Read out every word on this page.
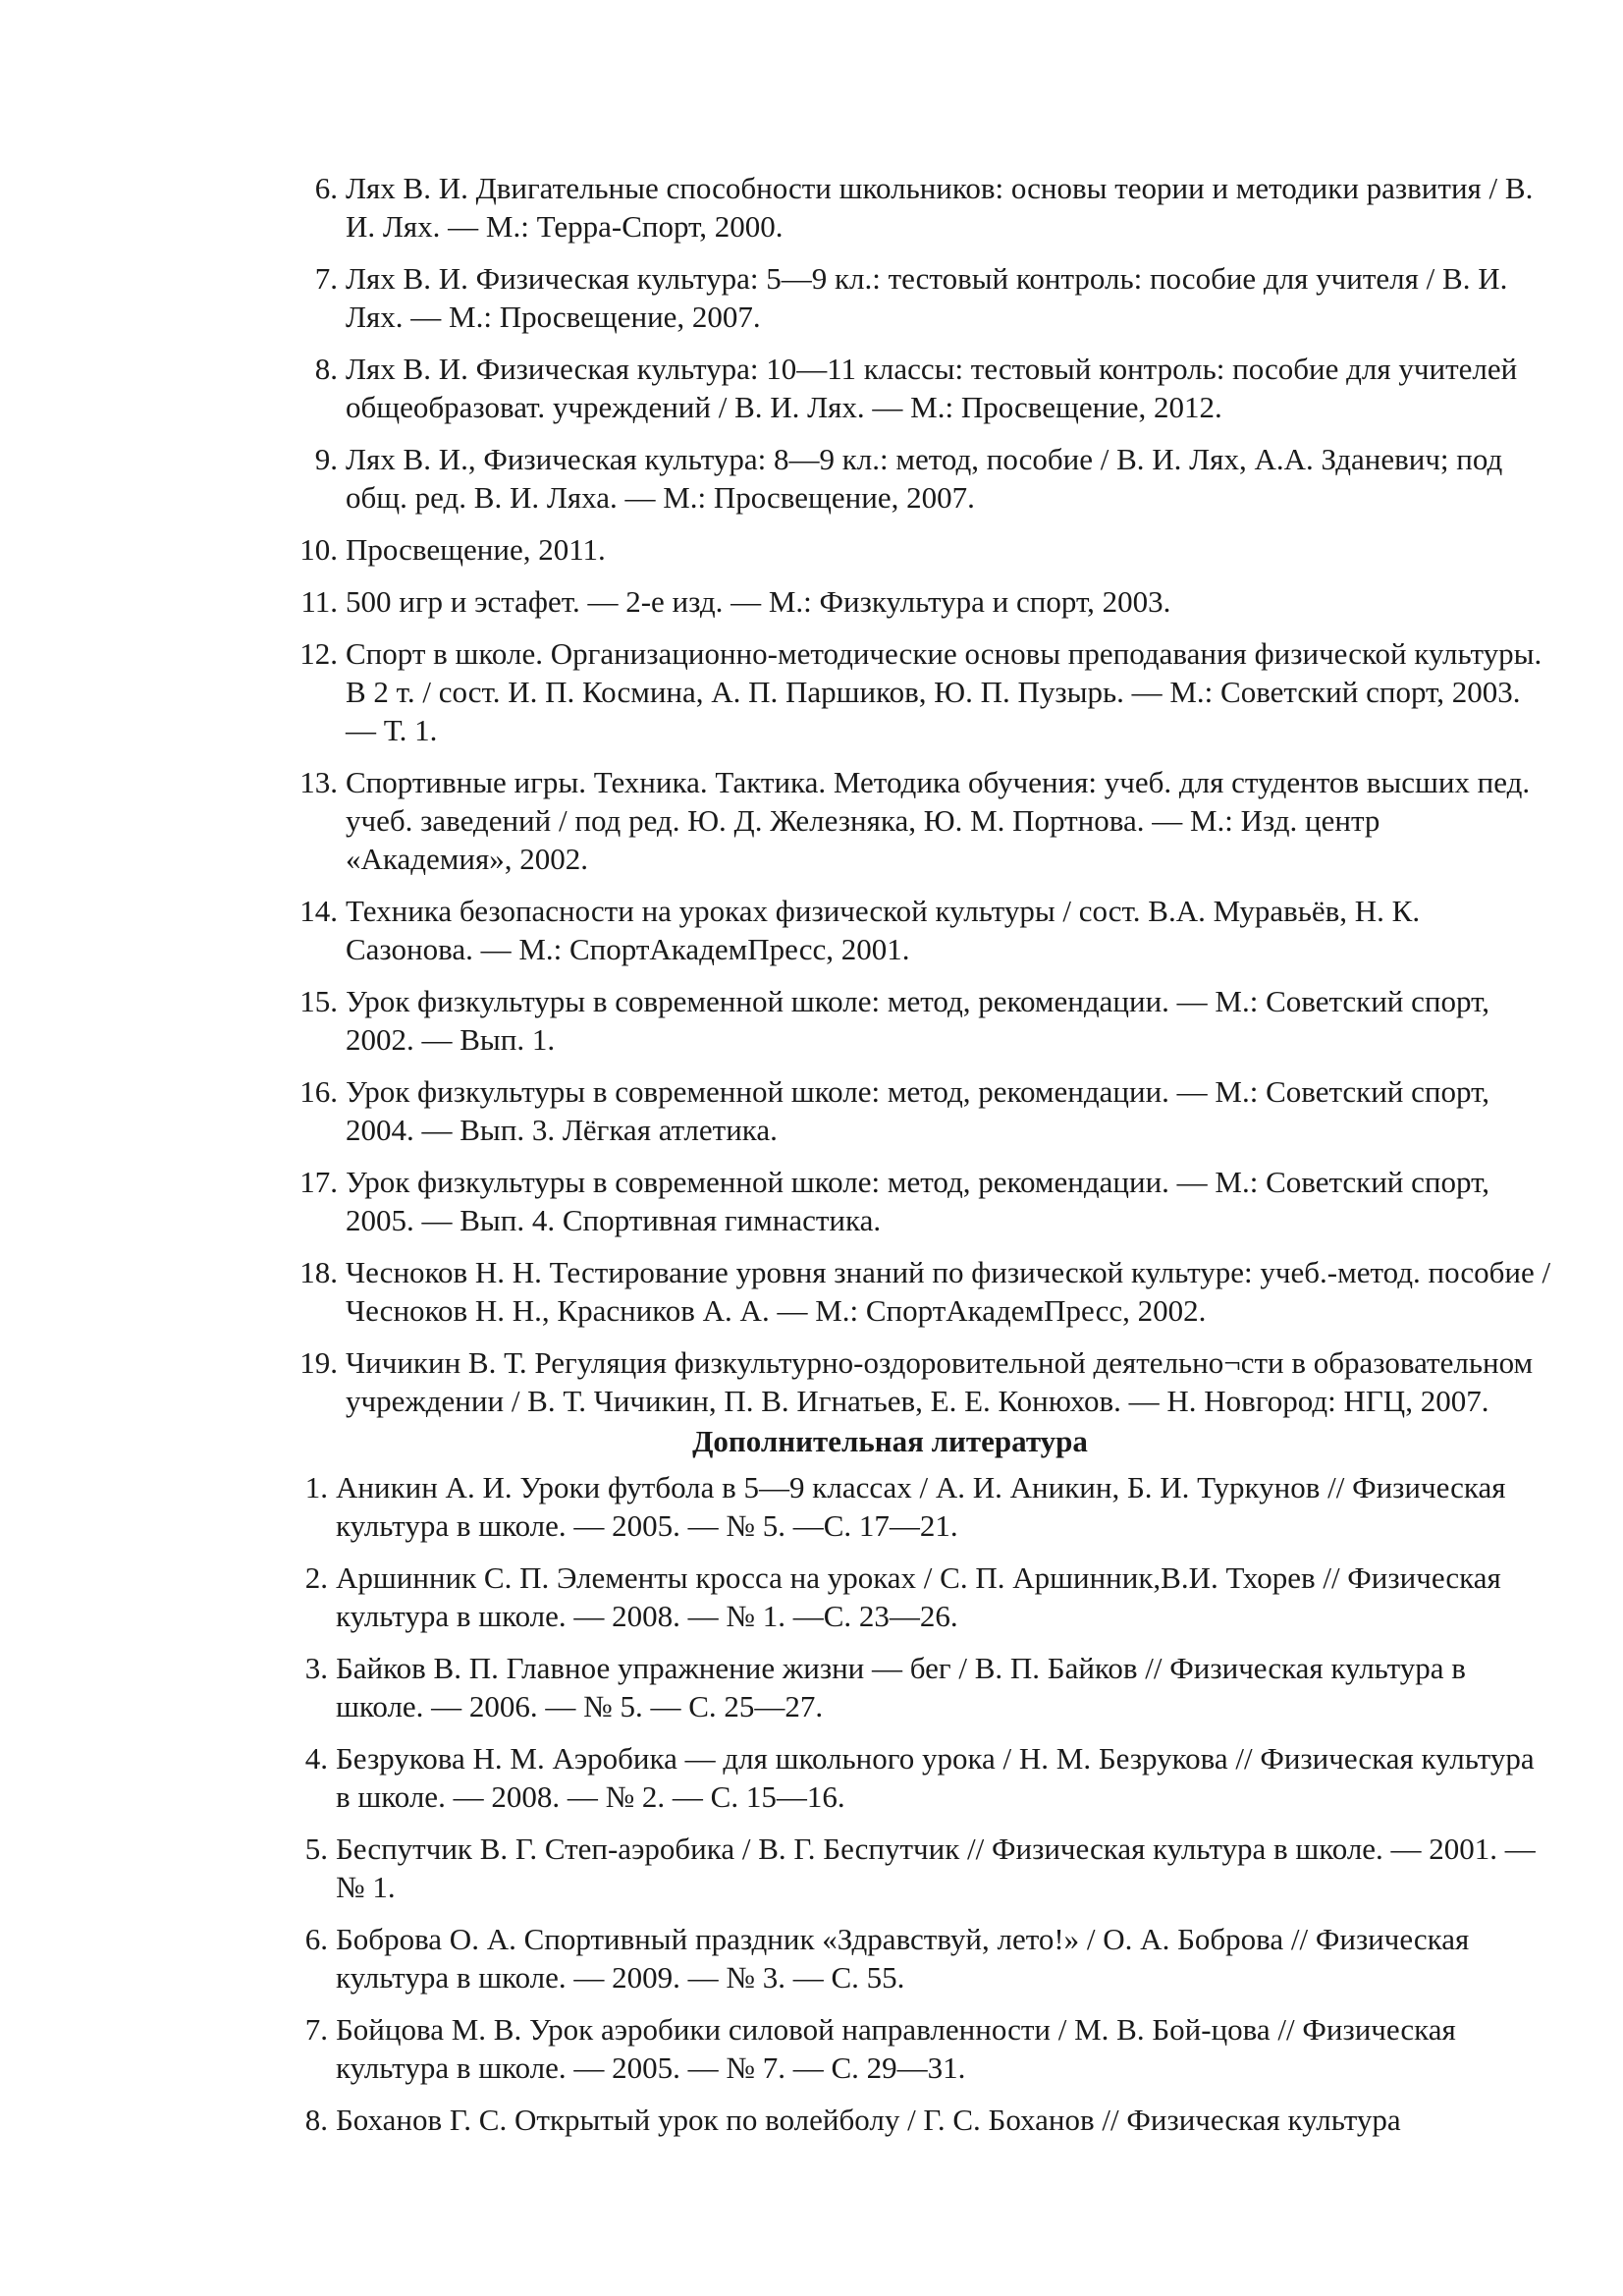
6. Лях В. И. Двигательные способности школьников: основы теории и методики развития / В. И. Лях. — М.: Терра-Спорт, 2000.
7. Лях В. И. Физическая культура: 5—9 кл.: тестовый контроль: пособие для учителя / В. И. Лях. — М.: Просвещение, 2007.
8. Лях В. И. Физическая культура: 10—11 классы: тестовый контроль: пособие для учителей общеобразоват. учреждений / В. И. Лях. — М.: Просвещение, 2012.
9. Лях В. И., Физическая культура: 8—9 кл.: метод, пособие / В. И. Лях, А.А. Зданевич; под общ. ред. В. И. Ляха. — М.: Просвещение, 2007.
10. Просвещение, 2011.
11. 500 игр и эстафет. — 2-е изд. — М.: Физкультура и спорт, 2003.
12. Спорт в школе. Организационно-методические основы преподавания физической культуры. В 2 т. / сост. И. П. Космина, А. П. Паршиков, Ю. П. Пузырь. — М.: Советский спорт, 2003. — Т. 1.
13. Спортивные игры. Техника. Тактика. Методика обучения: учеб. для студентов высших пед. учеб. заведений / под ред. Ю. Д. Железняка, Ю. М. Портнова. — М.: Изд. центр «Академия», 2002.
14. Техника безопасности на уроках физической культуры / сост. В.А. Муравьёв, Н. К. Сазонова. — М.: СпортАкадемПресс, 2001.
15. Урок физкультуры в современной школе: метод, рекомендации. — М.: Советский спорт, 2002. — Вып. 1.
16. Урок физкультуры в современной школе: метод, рекомендации. — М.: Советский спорт, 2004. — Вып. 3. Лёгкая атлетика.
17. Урок физкультуры в современной школе: метод, рекомендации. — М.: Советский спорт, 2005. — Вып. 4. Спортивная гимнастика.
18. Чесноков Н. Н. Тестирование уровня знаний по физической культуре: учеб.-метод. пособие / Чесноков Н. Н., Красников А. А. — М.: СпортАкадемПресс, 2002.
19. Чичикин В. Т. Регуляция физкультурно-оздоровительной деятельно¬сти в образовательном учреждении / В. Т. Чичикин, П. В. Игнатьев, Е. Е. Конюхов. — Н. Новгород: НГЦ, 2007.
Дополнительная литература
1. Аникин А. И. Уроки футбола в 5—9 классах / А. И. Аникин, Б. И. Туркунов // Физическая культура в школе. — 2005. — № 5. —С. 17—21.
2. Аршинник С. П. Элементы кросса на уроках / С. П. Аршинник,В.И. Тхорев // Физическая культура в школе. — 2008. — № 1. —С. 23—26.
3. Байков В. П. Главное упражнение жизни — бег / В. П. Байков // Физическая культура в школе. — 2006. — № 5. — С. 25—27.
4. Безрукова Н. М. Аэробика — для школьного урока / Н. М. Безрукова // Физическая культура в школе. — 2008. — № 2. — С. 15—16.
5. Беспутчик В. Г. Степ-аэробика / В. Г. Беспутчик // Физическая культура в школе. — 2001. — № 1.
6. Боброва О. А. Спортивный праздник «Здравствуй, лето!» / О. А. Боброва // Физическая культура в школе. — 2009. — № 3. — С. 55.
7. Бойцова М. В. Урок аэробики силовой направленности / М. В. Бой-цова // Физическая культура в школе. — 2005. — № 7. — С. 29—31.
8. Боханов Г. С. Открытый урок по волейболу / Г. С. Боханов // Физическая культура
